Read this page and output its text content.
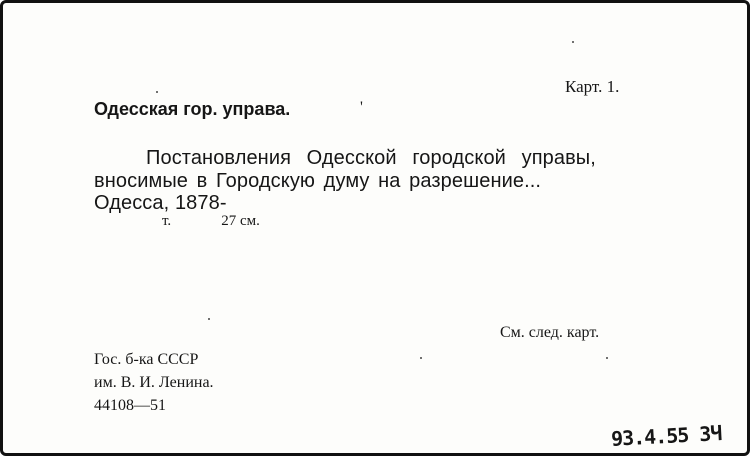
Карт. 1.
Одесская гор. управа.	'
Постановления Одесской городской управы,
вносимые в Городскую думу на разрешение...
Одесса, 1878-
т.	27 см.
См. след. карт.
Гос. б-ка СССР
им. В. И. Ленина.
44108—51
93.4.55 ЗЧ
